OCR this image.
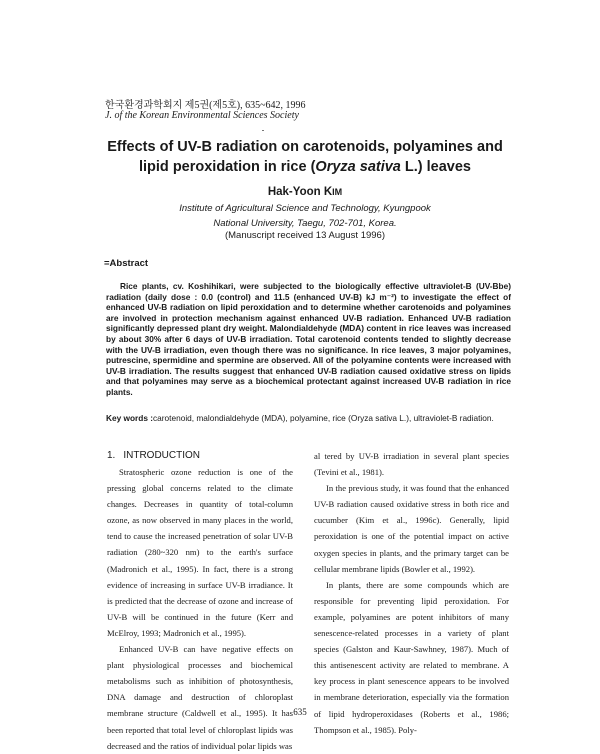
한국환경과학회지 제5권(제5호), 635~642, 1996
J. of the Korean Environmental Sciences Society
Effects of UV-B radiation on carotenoids, polyamines and lipid peroxidation in rice (Oryza sativa L.) leaves
Hak-Yoon KIM
Institute of Agricultural Science and Technology, Kyungpook
National University, Taegu, 702-701, Korea.
(Manuscript received 13 August 1996)
=Abstract
Rice plants, cv. Koshihikari, were subjected to the biologically effective ultraviolet-B (UV-Bbe) radiation (daily dose : 0.0 (control) and 11.5 (enhanced UV-B) kJ m⁻²) to investigate the effect of enhanced UV-B radiation on lipid peroxidation and to determine whether carotenoids and polyamines are involved in protection mechanism against enhanced UV-B radiation. Enhanced UV-B radiation significantly depressed plant dry weight. Malondialdehyde (MDA) content in rice leaves was increased by about 30% after 6 days of UV-B irradiation. Total carotenoid contents tended to slightly decrease with the UV-B irradiation, even though there was no significance. In rice leaves, 3 major polyamines, putrescine, spermidine and spermine are observed. All of the polyamine contents were increased with UV-B irradiation. The results suggest that enhanced UV-B radiation caused oxidative stress on lipids and that polyamines may serve as a biochemical protectant against increased UV-B radiation in rice plants.
Key words : carotenoid, malondialdehyde (MDA), polyamine, rice (Oryza sativa L.), ultraviolet-B radiation.
1. INTRODUCTION

Stratospheric ozone reduction is one of the pressing global concerns related to the climate changes. Decreases in quantity of total-column ozone, as now observed in many places in the world, tend to cause the increased penetration of solar UV-B radiation (280~320 nm) to the earth's surface (Madronich et al., 1995). In fact, there is a strong evidence of increasing in surface UV-B irradiance. It is predicted that the decrease of ozone and increase of UV-B will be continued in the future (Kerr and McElroy, 1993; Madronich et al., 1995).

Enhanced UV-B can have negative effects on plant physiological processes and biochemical metabolisms such as inhibition of photosynthesis, DNA damage and destruction of chloroplast membrane structure (Caldwell et al., 1995). It has been reported that total level of chloroplast lipids was decreased and the ratios of individual polar lipids was

al tered by UV-B irradiation in several plant species (Tevini et al., 1981).

In the previous study, it was found that the enhanced UV-B radiation caused oxidative stress in both rice and cucumber (Kim et al., 1996c). Generally, lipid peroxidation is one of the potential impact on active oxygen species in plants, and the primary target can be cellular membrane lipids (Bowler et al., 1992).

In plants, there are some compounds which are responsible for preventing lipid peroxidation. For example, polyamines are potent inhibitors of many senescence-related processes in a variety of plant species (Galston and Kaur-Sawhney, 1987). Much of this antisenescent activity are related to membrane. A key process in plant senescence appears to be involved in membrane deterioration, especially via the formation of lipid hydroperoxidases (Roberts et al., 1986; Thompson et al., 1985). Poly-

635
